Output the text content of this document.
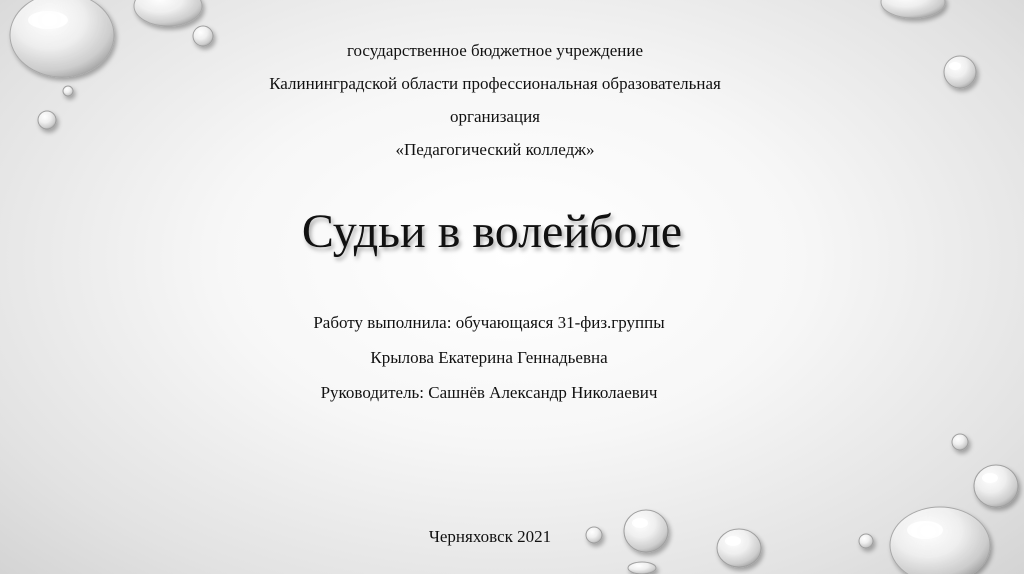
государственное бюджетное учреждение
Калининградской области профессиональная образовательная
организация
«Педагогический колледж»
Судьи в волейболе
Работу выполнила: обучающаяся 31-физ.группы
Крылова Екатерина Геннадьевна
Руководитель: Сашнёв Александр Николаевич
Черняховск 2021
